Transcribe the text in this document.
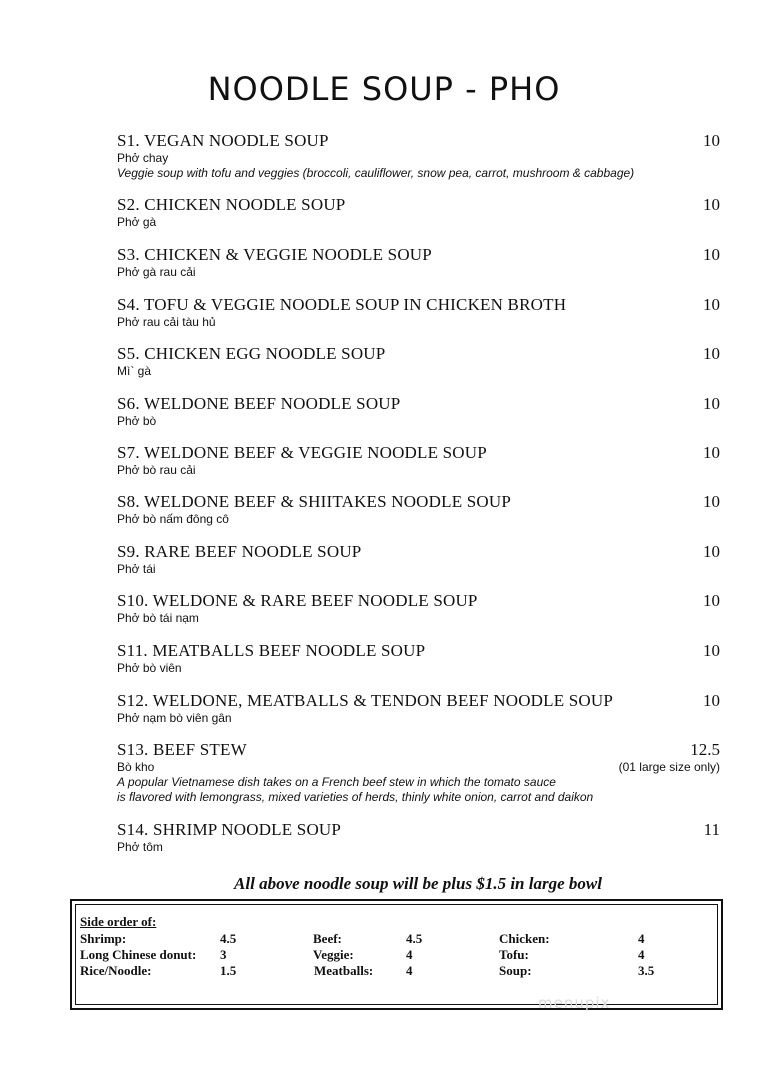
NOODLE SOUP - PHO
S1. VEGAN NOODLE SOUP	10
Phở chay
Veggie soup with tofu and veggies (broccoli, cauliflower, snow pea, carrot, mushroom & cabbage)
S2. CHICKEN NOODLE SOUP	10
Phở gà
S3. CHICKEN & VEGGIE NOODLE SOUP	10
Phở gà rau cải
S4. TOFU & VEGGIE NOODLE SOUP IN CHICKEN BROTH	10
Phở rau cải tàu hủ
S5. CHICKEN EGG NOODLE SOUP	10
Mì` gà
S6. WELDONE BEEF NOODLE SOUP	10
Phở bò
S7. WELDONE BEEF & VEGGIE NOODLE SOUP	10
Phở bò rau cải
S8. WELDONE BEEF & SHIITAKES NOODLE SOUP	10
Phở bò nấm đông cô
S9. RARE BEEF NOODLE SOUP	10
Phở tái
S10. WELDONE & RARE BEEF NOODLE SOUP	10
Phở bò tái nạm
S11. MEATBALLS BEEF NOODLE SOUP	10
Phở bò viên
S12. WELDONE, MEATBALLS & TENDON BEEF NOODLE SOUP	10
Phở nạm bò viên gân
S13. BEEF STEW	12.5
Bò kho	(01 large size only)
A popular Vietnamese dish takes on a French beef stew in which the tomato sauce
is flavored with lemongrass, mixed varieties of herds, thinly white onion, carrot and daikon
S14. SHRIMP NOODLE SOUP	11
Phở tôm
All above noodle soup will be plus $1.5 in large bowl
Side order of:
Shrimp:	4.5	Beef:	4.5	Chicken:	4
Long Chinese donut: 3	Veggie:	4	Tofu:	4
Rice/Noodle:	1.5	Meatballs:	4	Soup:	3.5
menupix
